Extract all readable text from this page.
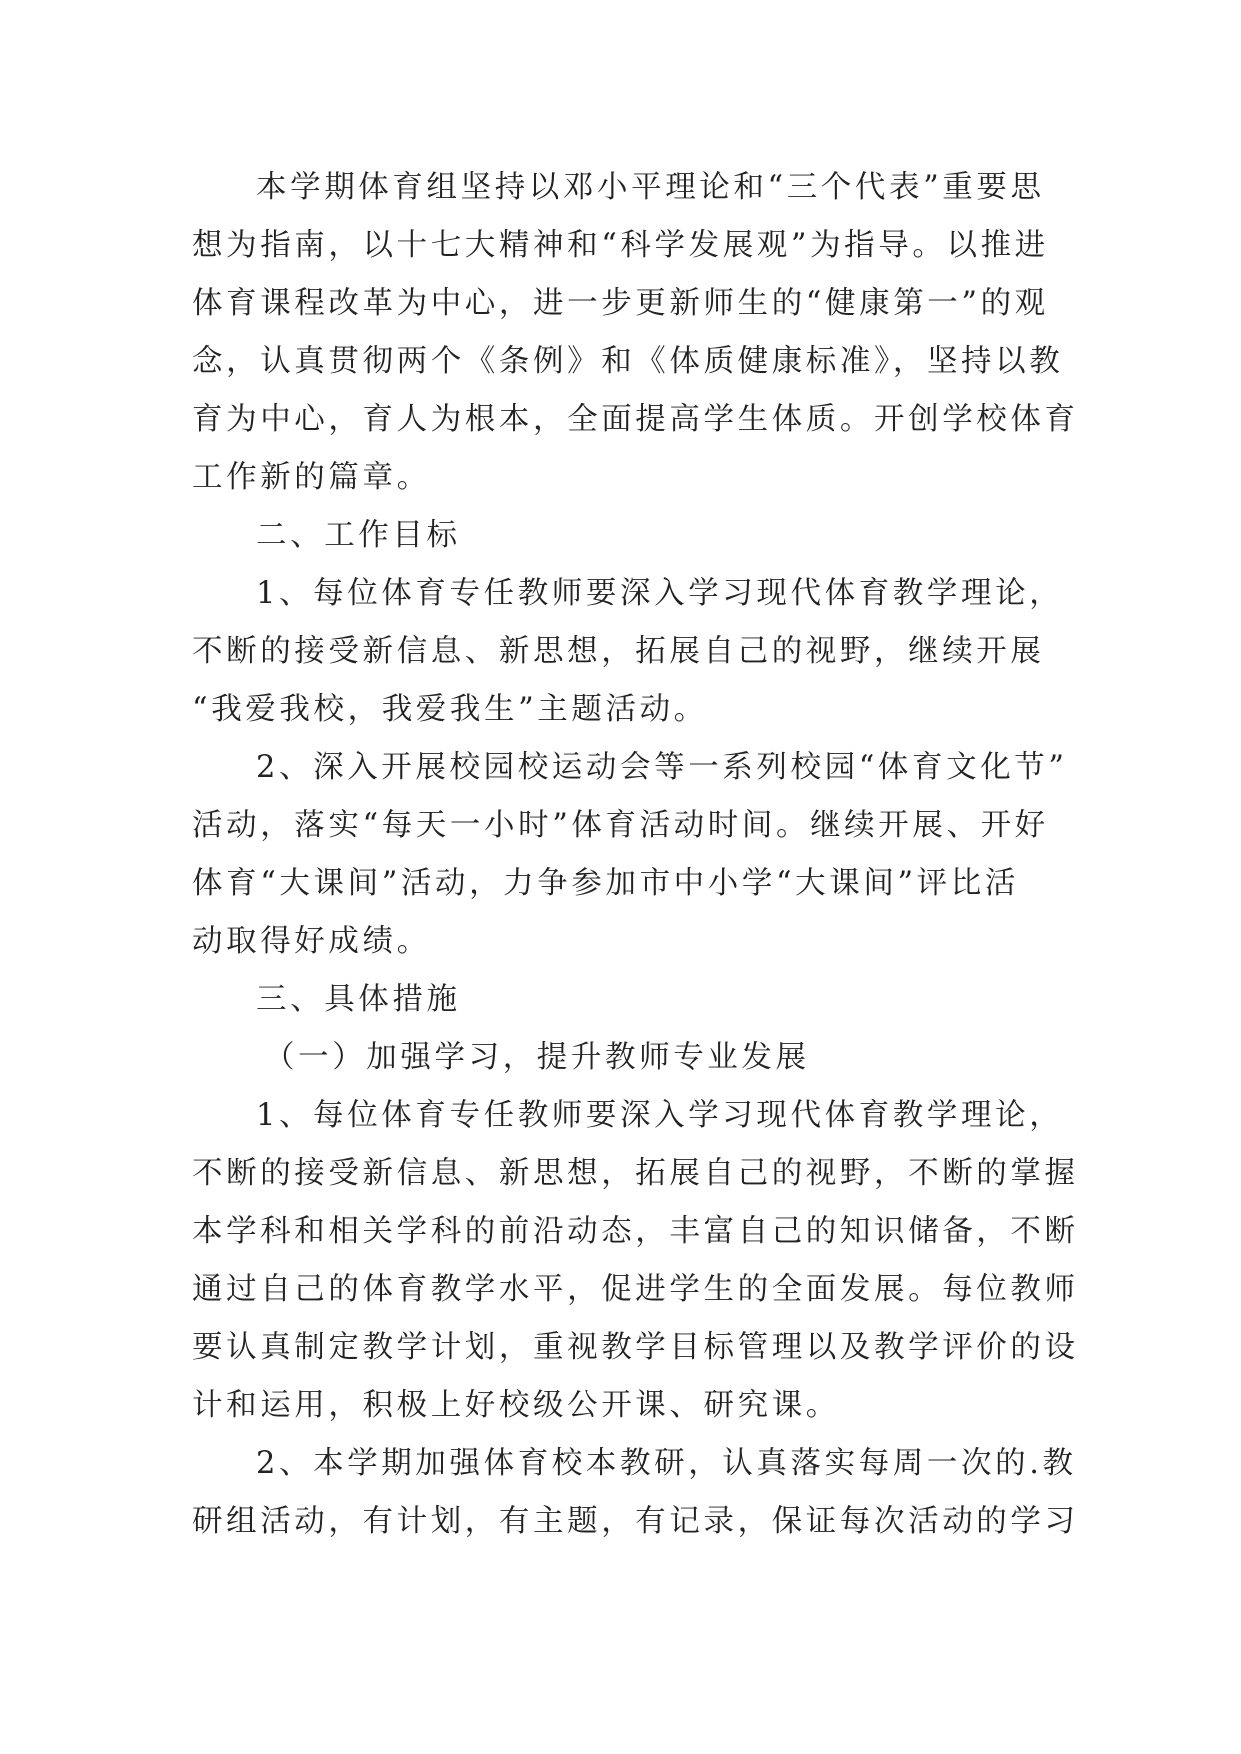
本学期体育组坚持以邓小平理论和“三个代表”重要思
想为指南，以十七大精神和“科学发展观”为指导。以推进
体育课程改革为中心，进一步更新师生的“健康第一”的观
念，认真贯彻两个《条例》和《体质健康标准》，坚持以教
育为中心，育人为根本，全面提高学生体质。开创学校体育
工作新的篇章。
二、工作目标
1、每位体育专任教师要深入学习现代体育教学理论，
不断的接受新信息、新思想，拓展自己的视野，继续开展
“我爱我校，我爱我生”主题活动。
2、深入开展校园校运动会等一系列校园“体育文化节”
活动，落实“每天一小时”体育活动时间。继续开展、开好
体育“大课间”活动，力争参加市中小学“大课间”评比活
动取得好成绩。
三、具体措施
（一）加强学习，提升教师专业发展
1、每位体育专任教师要深入学习现代体育教学理论，
不断的接受新信息、新思想，拓展自己的视野，不断的掌握
本学科和相关学科的前沿动态，丰富自己的知识储备，不断
通过自己的体育教学水平，促进学生的全面发展。每位教师
要认真制定教学计划，重视教学目标管理以及教学评价的设
计和运用，积极上好校级公开课、研究课。
2、本学期加强体育校本教研，认真落实每周一次的.教
研组活动，有计划，有主题，有记录，保证每次活动的学习
